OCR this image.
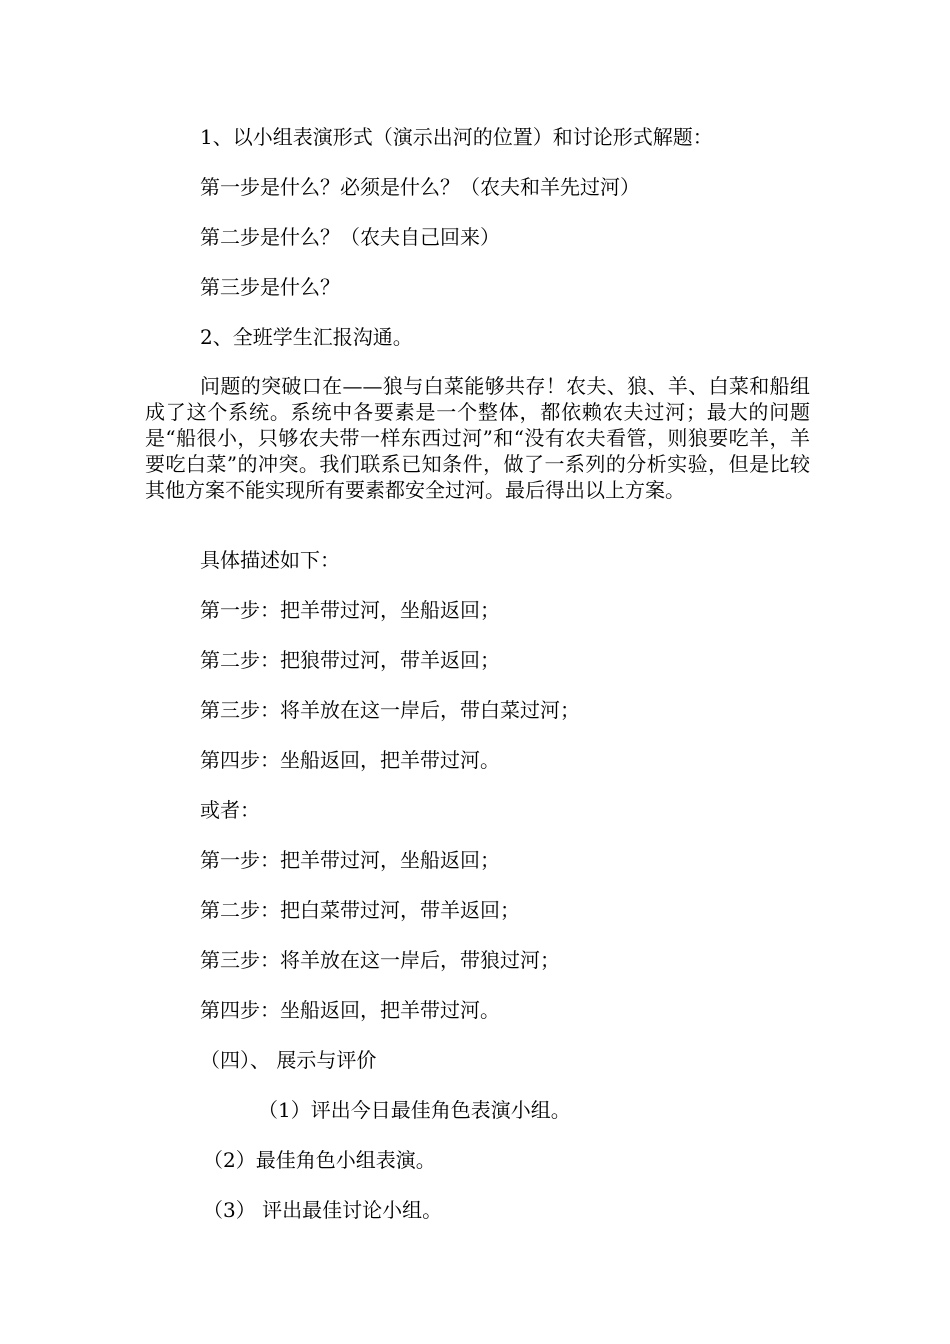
1、以小组表演形式（演示出河的位置）和讨论形式解题：
第一步是什么？必须是什么？（农夫和羊先过河）
第二步是什么？（农夫自己回来）
第三步是什么？
2、全班学生汇报沟通。
问题的突破口在——狼与白菜能够共存！农夫、狼、羊、白菜和船组成了这个系统。系统中各要素是一个整体，都依赖农夫过河；最大的问题是“船很小，只够农夫带一样东西过河”和“没有农夫看管，则狼要吃羊，羊要吃白菜”的冲突。我们联系已知条件，做了一系列的分析实验，但是比较其他方案不能实现所有要素都安全过河。最后得出以上方案。
具体描述如下：
第一步：把羊带过河，坐船返回；
第二步：把狼带过河，带羊返回；
第三步：将羊放在这一岸后，带白菜过河；
第四步：坐船返回，把羊带过河。
或者：
第一步：把羊带过河，坐船返回；
第二步：把白菜带过河，带羊返回；
第三步：将羊放在这一岸后，带狼过河；
第四步：坐船返回，把羊带过河。
（四）、 展示与评价
（1）评出今日最佳角色表演小组。
（2）最佳角色小组表演。
（3） 评出最佳讨论小组。
